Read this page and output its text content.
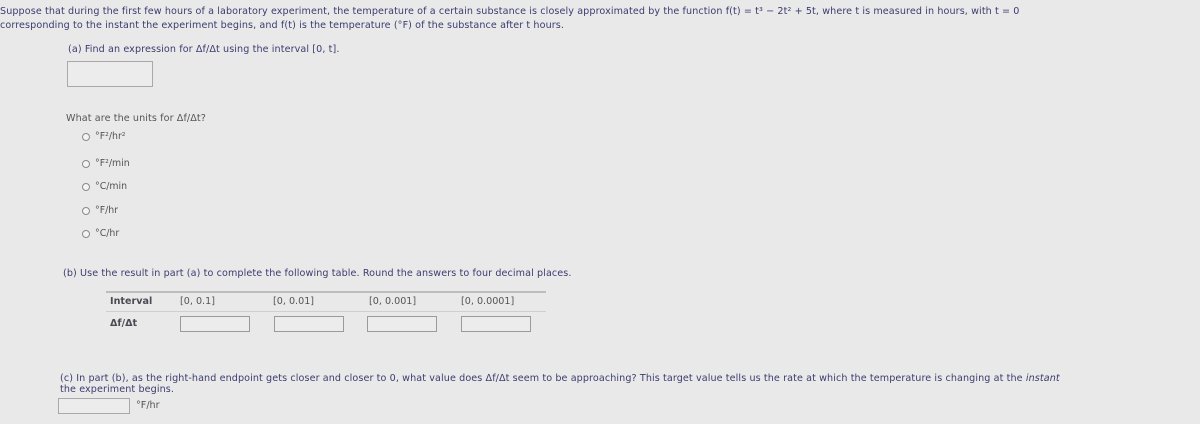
Suppose that during the first few hours of a laboratory experiment, the temperature of a certain substance is closely approximated by the function f(t) = t³ − 2t² + 5t, where t is measured in hours, with t = 0
corresponding to the instant the experiment begins, and f(t) is the temperature (°F) of the substance after t hours.
(a) Find an expression for Δf/Δt using the interval [0, t].
What are the units for Δf/Δt?
°F²/hr²
°F²/min
°C/min
°F/hr
°C/hr
(b) Use the result in part (a) to complete the following table. Round the answers to four decimal places.
Interval	[0, 0.1]	[0, 0.01]	[0, 0.001]	[0, 0.0001]
Δf/Δt
(c) In part (b), as the right-hand endpoint gets closer and closer to 0, what value does Δf/Δt seem to be approaching? This target value tells us the rate at which the temperature is changing at the instant
the experiment begins.
°F/hr
